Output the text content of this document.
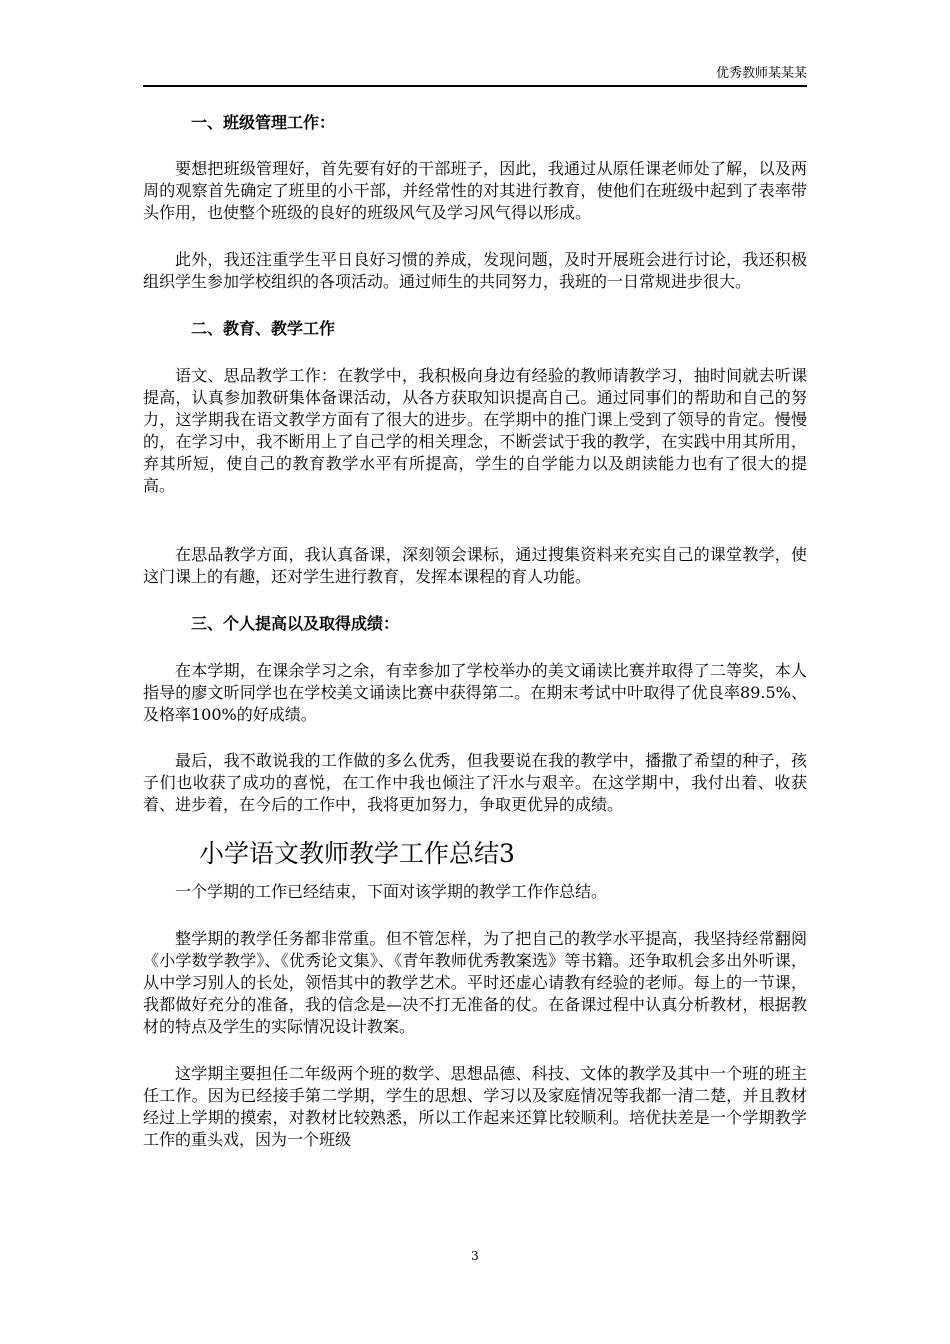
优秀教师某某某

一、班级管理工作：

要想把班级管理好，首先要有好的干部班子，因此，我通过从原任课老师处了解，以及两周的观察首先确定了班里的小干部，并经常性的对其进行教育，使他们在班级中起到了表率带头作用，也使整个班级的良好的班级风气及学习风气得以形成。

此外，我还注重学生平日良好习惯的养成，发现问题，及时开展班会进行讨论，我还积极组织学生参加学校组织的各项活动。通过师生的共同努力，我班的一日常规进步很大。

二、教育、教学工作

语文、思品教学工作：在教学中，我积极向身边有经验的教师请教学习，抽时间就去听课提高，认真参加教研集体备课活动，从各方获取知识提高自己。通过同事们的帮助和自己的努力，这学期我在语文教学方面有了很大的进步。在学期中的推门课上受到了领导的肯定。慢慢的，在学习中，我不断用上了自己学的相关理念，不断尝试于我的教学，在实践中用其所用，弃其所短，使自己的教育教学水平有所提高，学生的自学能力以及朗读能力也有了很大的提高。

在思品教学方面，我认真备课，深刻领会课标，通过搜集资料来充实自己的课堂教学，使这门课上的有趣，还对学生进行教育，发挥本课程的育人功能。

三、个人提高以及取得成绩：

在本学期，在课余学习之余，有幸参加了学校举办的美文诵读比赛并取得了二等奖，本人指导的廖文昕同学也在学校美文诵读比赛中获得第二。在期末考试中叶取得了优良率89.5%、及格率100%的好成绩。

最后，我不敢说我的工作做的多么优秀，但我要说在我的教学中，播撒了希望的种子，孩子们也收获了成功的喜悦，在工作中我也倾注了汗水与艰辛。在这学期中，我付出着、收获着、进步着，在今后的工作中，我将更加努力，争取更优异的成绩。

小学语文教师教学工作总结3

一个学期的工作已经结束，下面对该学期的教学工作作总结。

整学期的教学任务都非常重。但不管怎样，为了把自己的教学水平提高，我坚持经常翻阅《小学数学教学》、《优秀论文集》、《青年教师优秀教案选》等书籍。还争取机会多出外听课，从中学习别人的长处，领悟其中的教学艺术。平时还虚心请教有经验的老师。每上的一节课，我都做好充分的准备，我的信念是—决不打无准备的仗。在备课过程中认真分析教材，根据教材的特点及学生的实际情况设计教案。

这学期主要担任二年级两个班的数学、思想品德、科技、文体的教学及其中一个班的班主任工作。因为已经接手第二学期，学生的思想、学习以及家庭情况等我都一清二楚，并且教材经过上学期的摸索，对教材比较熟悉，所以工作起来还算比较顺利。培优扶差是一个学期教学工作的重头戏，因为一个班级

3
